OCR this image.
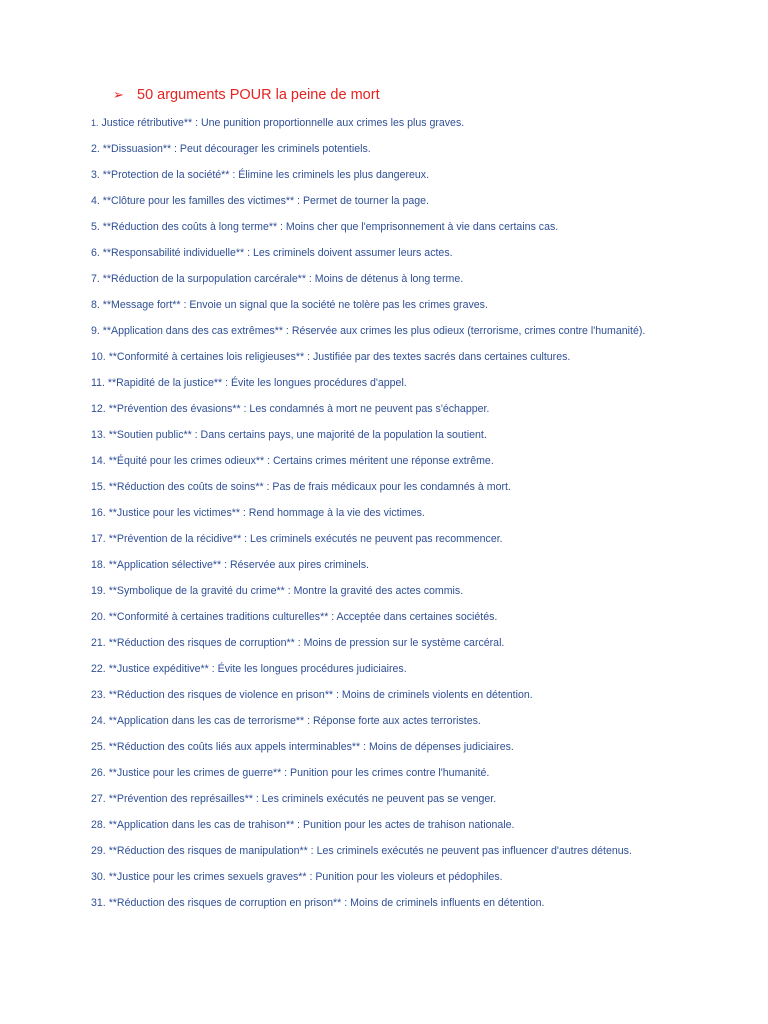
➢ 50 arguments POUR la peine de mort
1. Justice rétributive** : Une punition proportionnelle aux crimes les plus graves.
2. **Dissuasion** : Peut décourager les criminels potentiels.
3. **Protection de la société** : Élimine les criminels les plus dangereux.
4. **Clôture pour les familles des victimes** : Permet de tourner la page.
5. **Réduction des coûts à long terme** : Moins cher que l'emprisonnement à vie dans certains cas.
6. **Responsabilité individuelle** : Les criminels doivent assumer leurs actes.
7. **Réduction de la surpopulation carcérale** : Moins de détenus à long terme.
8. **Message fort** : Envoie un signal que la société ne tolère pas les crimes graves.
9. **Application dans des cas extrêmes** : Réservée aux crimes les plus odieux (terrorisme, crimes contre l'humanité).
10. **Conformité à certaines lois religieuses** : Justifiée par des textes sacrés dans certaines cultures.
11. **Rapidité de la justice** : Évite les longues procédures d'appel.
12. **Prévention des évasions** : Les condamnés à mort ne peuvent pas s'échapper.
13. **Soutien public** : Dans certains pays, une majorité de la population la soutient.
14. **Équité pour les crimes odieux** : Certains crimes méritent une réponse extrême.
15. **Réduction des coûts de soins** : Pas de frais médicaux pour les condamnés à mort.
16. **Justice pour les victimes** : Rend hommage à la vie des victimes.
17. **Prévention de la récidive** : Les criminels exécutés ne peuvent pas recommencer.
18. **Application sélective** : Réservée aux pires criminels.
19. **Symbolique de la gravité du crime** : Montre la gravité des actes commis.
20. **Conformité à certaines traditions culturelles** : Acceptée dans certaines sociétés.
21. **Réduction des risques de corruption** : Moins de pression sur le système carcéral.
22. **Justice expéditive** : Évite les longues procédures judiciaires.
23. **Réduction des risques de violence en prison** : Moins de criminels violents en détention.
24. **Application dans les cas de terrorisme** : Réponse forte aux actes terroristes.
25. **Réduction des coûts liés aux appels interminables** : Moins de dépenses judiciaires.
26. **Justice pour les crimes de guerre** : Punition pour les crimes contre l'humanité.
27. **Prévention des représailles** : Les criminels exécutés ne peuvent pas se venger.
28. **Application dans les cas de trahison** : Punition pour les actes de trahison nationale.
29. **Réduction des risques de manipulation** : Les criminels exécutés ne peuvent pas influencer d'autres détenus.
30. **Justice pour les crimes sexuels graves** : Punition pour les violeurs et pédophiles.
31. **Réduction des risques de corruption en prison** : Moins de criminels influents en détention.
